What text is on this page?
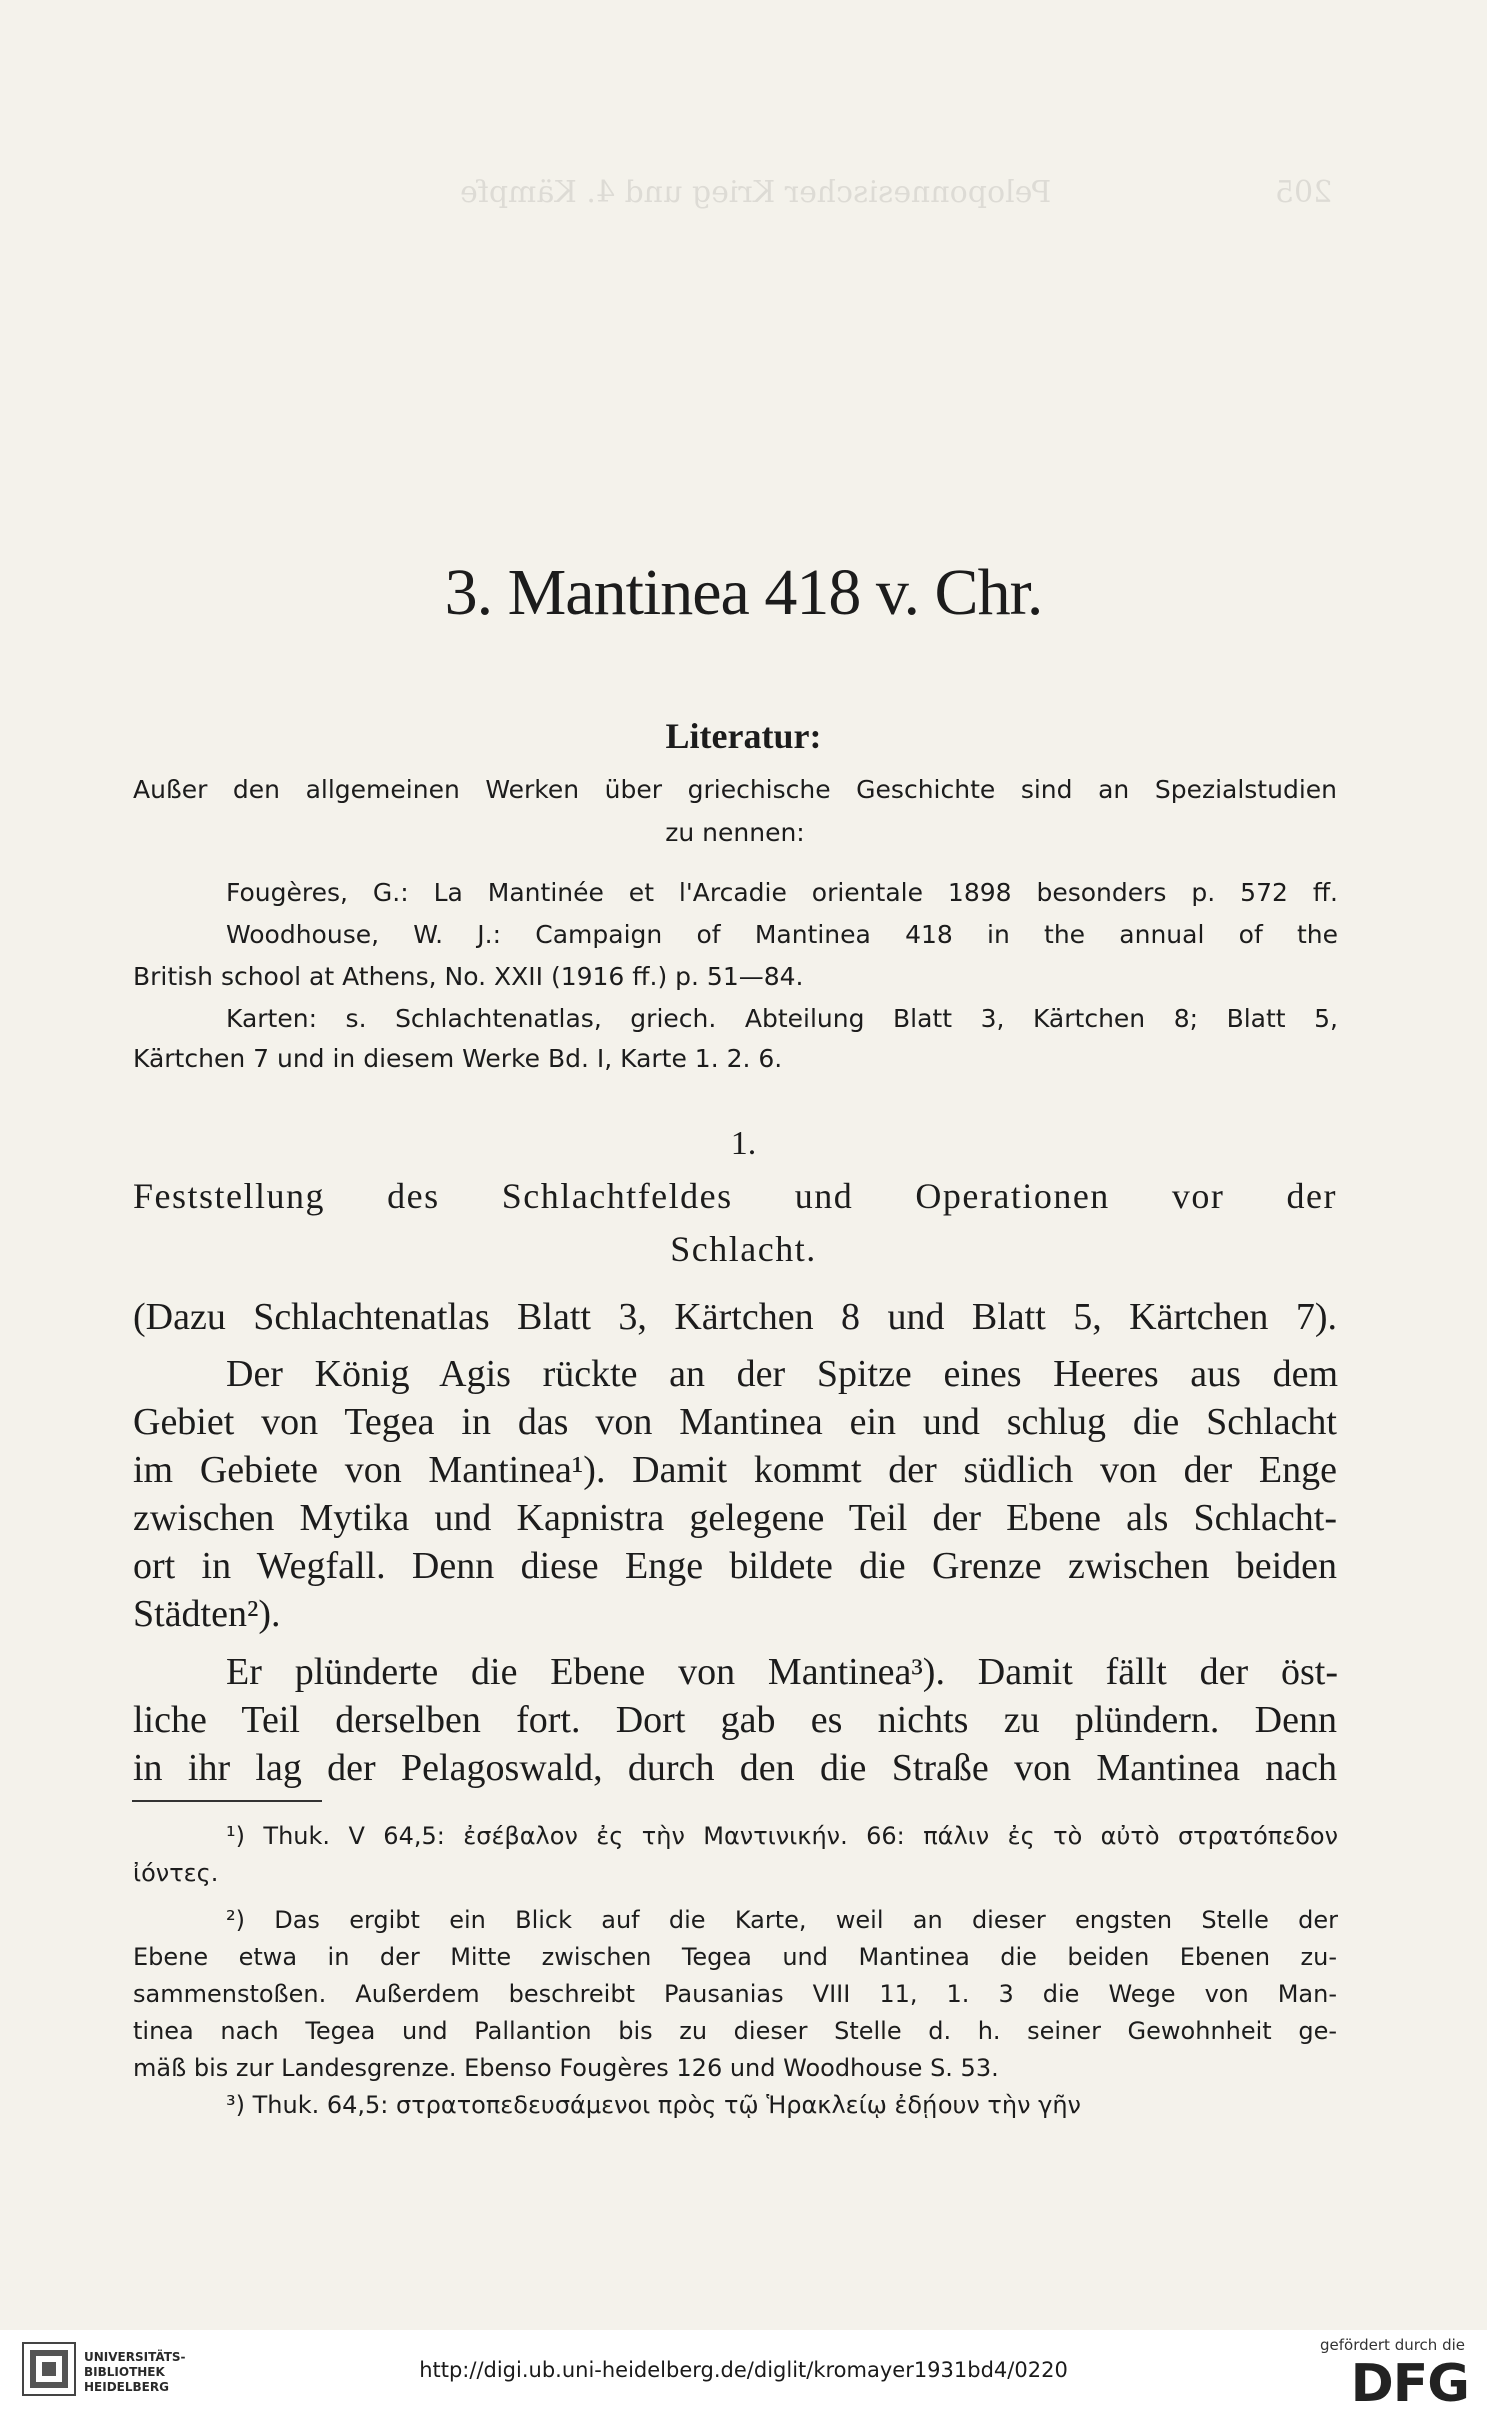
Peloponnesischer Krieg und 4. Kämpfe	205
3. Mantinea 418 v. Chr.
Literatur:
Außer den allgemeinen Werken über griechische Geschichte sind an Spezialstudien
zu nennen:
Fougères, G.: La Mantinée et l'Arcadie orientale 1898 besonders p. 572 ff.
Woodhouse, W. J.: Campaign of Mantinea 418 in the annual of the
British school at Athens, No. XXII (1916 ff.) p. 51—84.
Karten: s. Schlachtenatlas, griech. Abteilung Blatt 3, Kärtchen 8; Blatt 5,
Kärtchen 7 und in diesem Werke Bd. I, Karte 1. 2. 6.
1.
Feststellung des Schlachtfeldes und Operationen vor der
Schlacht.
(Dazu Schlachtenatlas Blatt 3, Kärtchen 8 und Blatt 5, Kärtchen 7).
Der König Agis rückte an der Spitze eines Heeres aus dem
Gebiet von Tegea in das von Mantinea ein und schlug die Schlacht
im Gebiete von Mantinea¹). Damit kommt der südlich von der Enge
zwischen Mytika und Kapnistra gelegene Teil der Ebene als Schlacht-
ort in Wegfall. Denn diese Enge bildete die Grenze zwischen beiden
Städten²).
Er plünderte die Ebene von Mantinea³). Damit fällt der öst-
liche Teil derselben fort. Dort gab es nichts zu plündern. Denn
in ihr lag der Pelagoswald, durch den die Straße von Mantinea nach
¹) Thuk. V 64,5: ἐσέβαλον ἐς τὴν Μαντινικήν. 66: πάλιν ἐς τὸ αὐτὸ στρατόπεδον
ἰόντες.
²) Das ergibt ein Blick auf die Karte, weil an dieser engsten Stelle der
Ebene etwa in der Mitte zwischen Tegea und Mantinea die beiden Ebenen zu-
sammenstoßen. Außerdem beschreibt Pausanias VIII 11, 1. 3 die Wege von Man-
tinea nach Tegea und Pallantion bis zu dieser Stelle d. h. seiner Gewohnheit ge-
mäß bis zur Landesgrenze. Ebenso Fougères 126 und Woodhouse S. 53.
³) Thuk. 64,5: στρατοπεδευσάμενοι πρὸς τῷ Ἡρακλείῳ ἐδῄουν τὴν γῆν
UNIVERSITÄTS-
BIBLIOTHEK
HEIDELBERG
http://digi.ub.uni-heidelberg.de/diglit/kromayer1931bd4/0220
gefördert durch die
DFG
